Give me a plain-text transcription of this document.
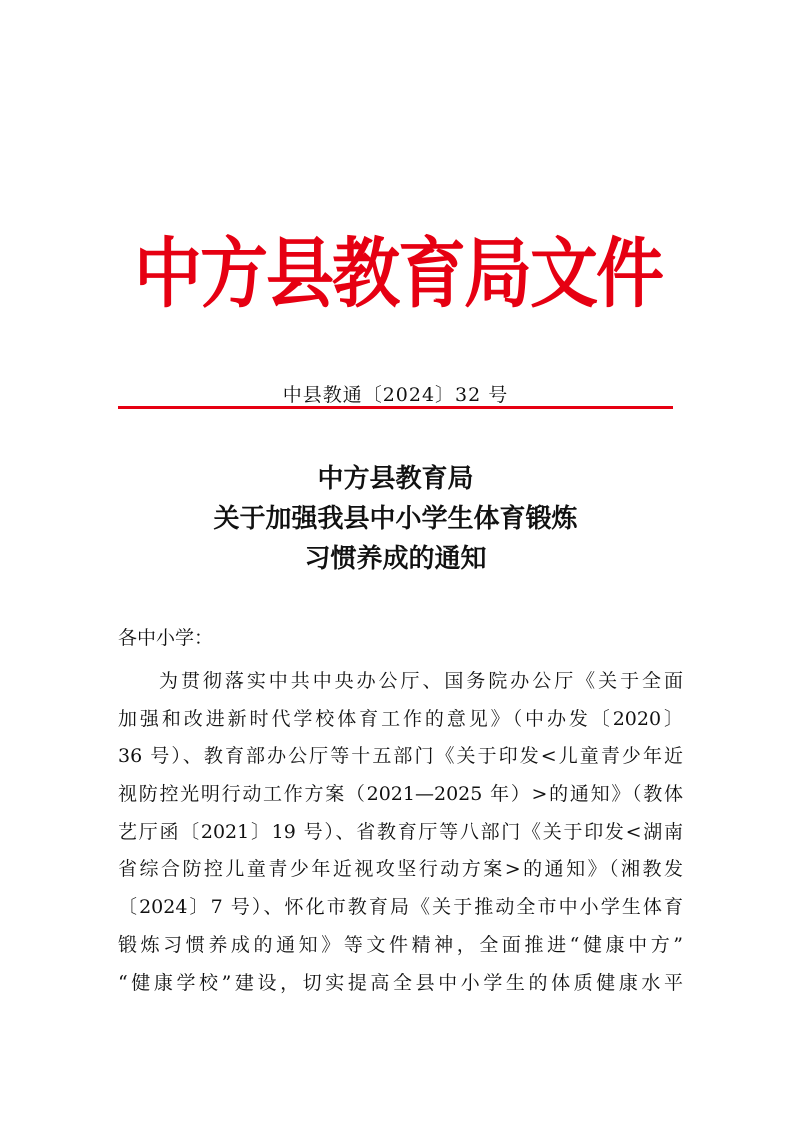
中方县教育局文件
中县教通〔2024〕32 号
中方县教育局
关于加强我县中小学生体育锻炼
习惯养成的通知
各中小学：
为贯彻落实中共中央办公厅、国务院办公厅《关于全面
加强和改进新时代学校体育工作的意见》（中办发〔2020〕
36 号）、教育部办公厅等十五部门《关于印发<儿童青少年近
视防控光明行动工作方案（2021—2025 年）>的通知》（教体
艺厅函〔2021〕19 号）、省教育厅等八部门《关于印发<湖南
省综合防控儿童青少年近视攻坚行动方案>的通知》（湘教发
〔2024〕7 号）、怀化市教育局《关于推动全市中小学生体育
锻炼习惯养成的通知》等文件精神，全面推进“健康中方”
“健康学校”建设，切实提高全县中小学生的体质健康水平
